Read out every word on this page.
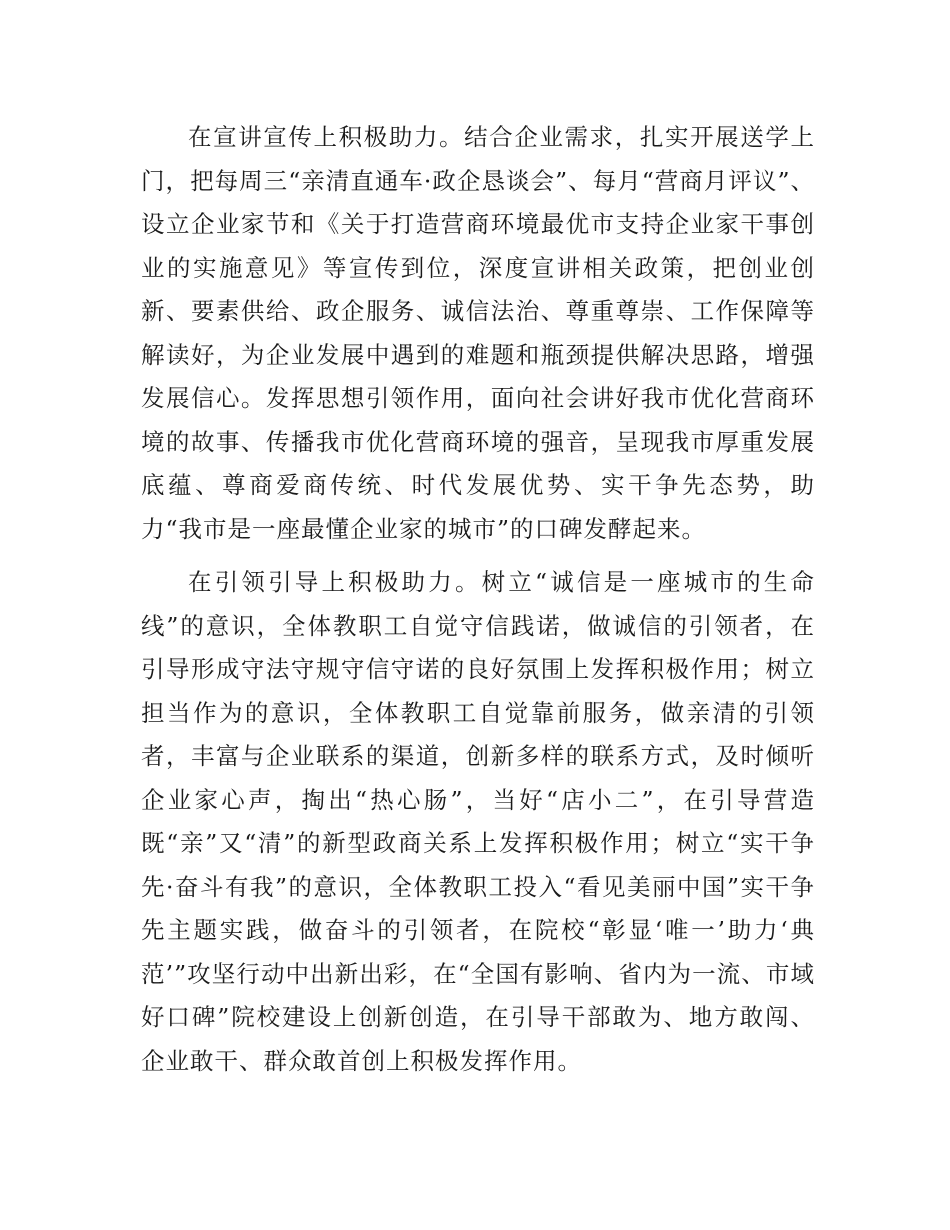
在宣讲宣传上积极助力。结合企业需求，扎实开展送学上门，把每周三“亲清直通车·政企恳谈会”、每月“营商月评议”、设立企业家节和《关于打造营商环境最优市支持企业家干事创业的实施意见》等宣传到位，深度宣讲相关政策，把创业创新、要素供给、政企服务、诚信法治、尊重尊崇、工作保障等解读好，为企业发展中遇到的难题和瓶颈提供解决思路，增强发展信心。发挥思想引领作用，面向社会讲好我市优化营商环境的故事、传播我市优化营商环境的强音，呈现我市厚重发展底蕴、尊商爱商传统、时代发展优势、实干争先态势，助力“我市是一座最懂企业家的城市”的口碑发酵起来。

在引领引导上积极助力。树立“诚信是一座城市的生命线”的意识，全体教职工自觉守信践诺，做诚信的引领者，在引导形成守法守规守信守诺的良好氛围上发挥积极作用；树立担当作为的意识，全体教职工自觉靠前服务，做亲清的引领者，丰富与企业联系的渠道，创新多样的联系方式，及时倾听企业家心声，掏出“热心肠”，当好“店小二”，在引导营造既“亲”又“清”的新型政商关系上发挥积极作用；树立“实干争先·奋斗有我”的意识，全体教职工投入“看见美丽中国”实干争先主题实践，做奋斗的引领者，在院校“彰显‘唯一’助力‘典范’”攻坚行动中出新出彩，在“全国有影响、省内为一流、市域好口碑”院校建设上创新创造，在引导干部敢为、地方敢闯、企业敢干、群众敢首创上积极发挥作用。
